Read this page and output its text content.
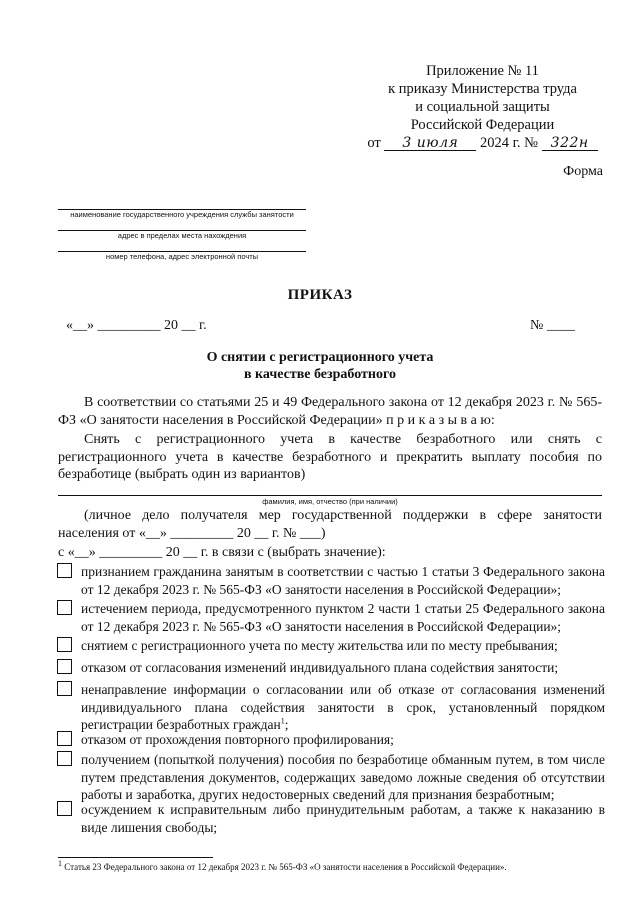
Приложение № 11
к приказу Министерства труда
и социальной защиты
Российской Федерации
от 3 июля 2024 г. № 322н
Форма
наименование государственного учреждения службы занятости
адрес в пределах места нахождения
номер телефона, адрес электронной почты
ПРИКАЗ
«__» _________ 20 __ г.	№ ____
О снятии с регистрационного учета
в качестве безработного
В соответствии со статьями 25 и 49 Федерального закона от 12 декабря 2023 г. № 565-ФЗ «О занятости населения в Российской Федерации» п р и к а з ы в а ю:
Снять с регистрационного учета в качестве безработного или снять с регистрационного учета в качестве безработного и прекратить выплату пособия по безработице (выбрать один из вариантов)
фамилия, имя, отчество (при наличии)
(личное дело получателя мер государственной поддержки в сфере занятости населения от «__» _________ 20 __ г. № ___)
с «__» _________ 20 __ г. в связи с (выбрать значение):
признанием гражданина занятым в соответствии с частью 1 статьи 3 Федерального закона от 12 декабря 2023 г. № 565-ФЗ «О занятости населения в Российской Федерации»;
истечением периода, предусмотренного пунктом 2 части 1 статьи 25 Федерального закона от 12 декабря 2023 г. № 565-ФЗ «О занятости населения в Российской Федерации»;
снятием с регистрационного учета по месту жительства или по месту пребывания;
отказом от согласования изменений индивидуального плана содействия занятости;
ненаправление информации о согласовании или об отказе от согласования изменений индивидуального плана содействия занятости в срок, установленный порядком регистрации безработных граждан$^1$;
отказом от прохождения повторного профилирования;
получением (попыткой получения) пособия по безработице обманным путем, в том числе путем представления документов, содержащих заведомо ложные сведения об отсутствии работы и заработка, других недостоверных сведений для признания безработным;
осуждением к исправительным либо принудительным работам, а также к наказанию в виде лишения свободы;
$^1$ Статья 23 Федерального закона от 12 декабря 2023 г. № 565-ФЗ «О занятости населения в Российской Федерации».
